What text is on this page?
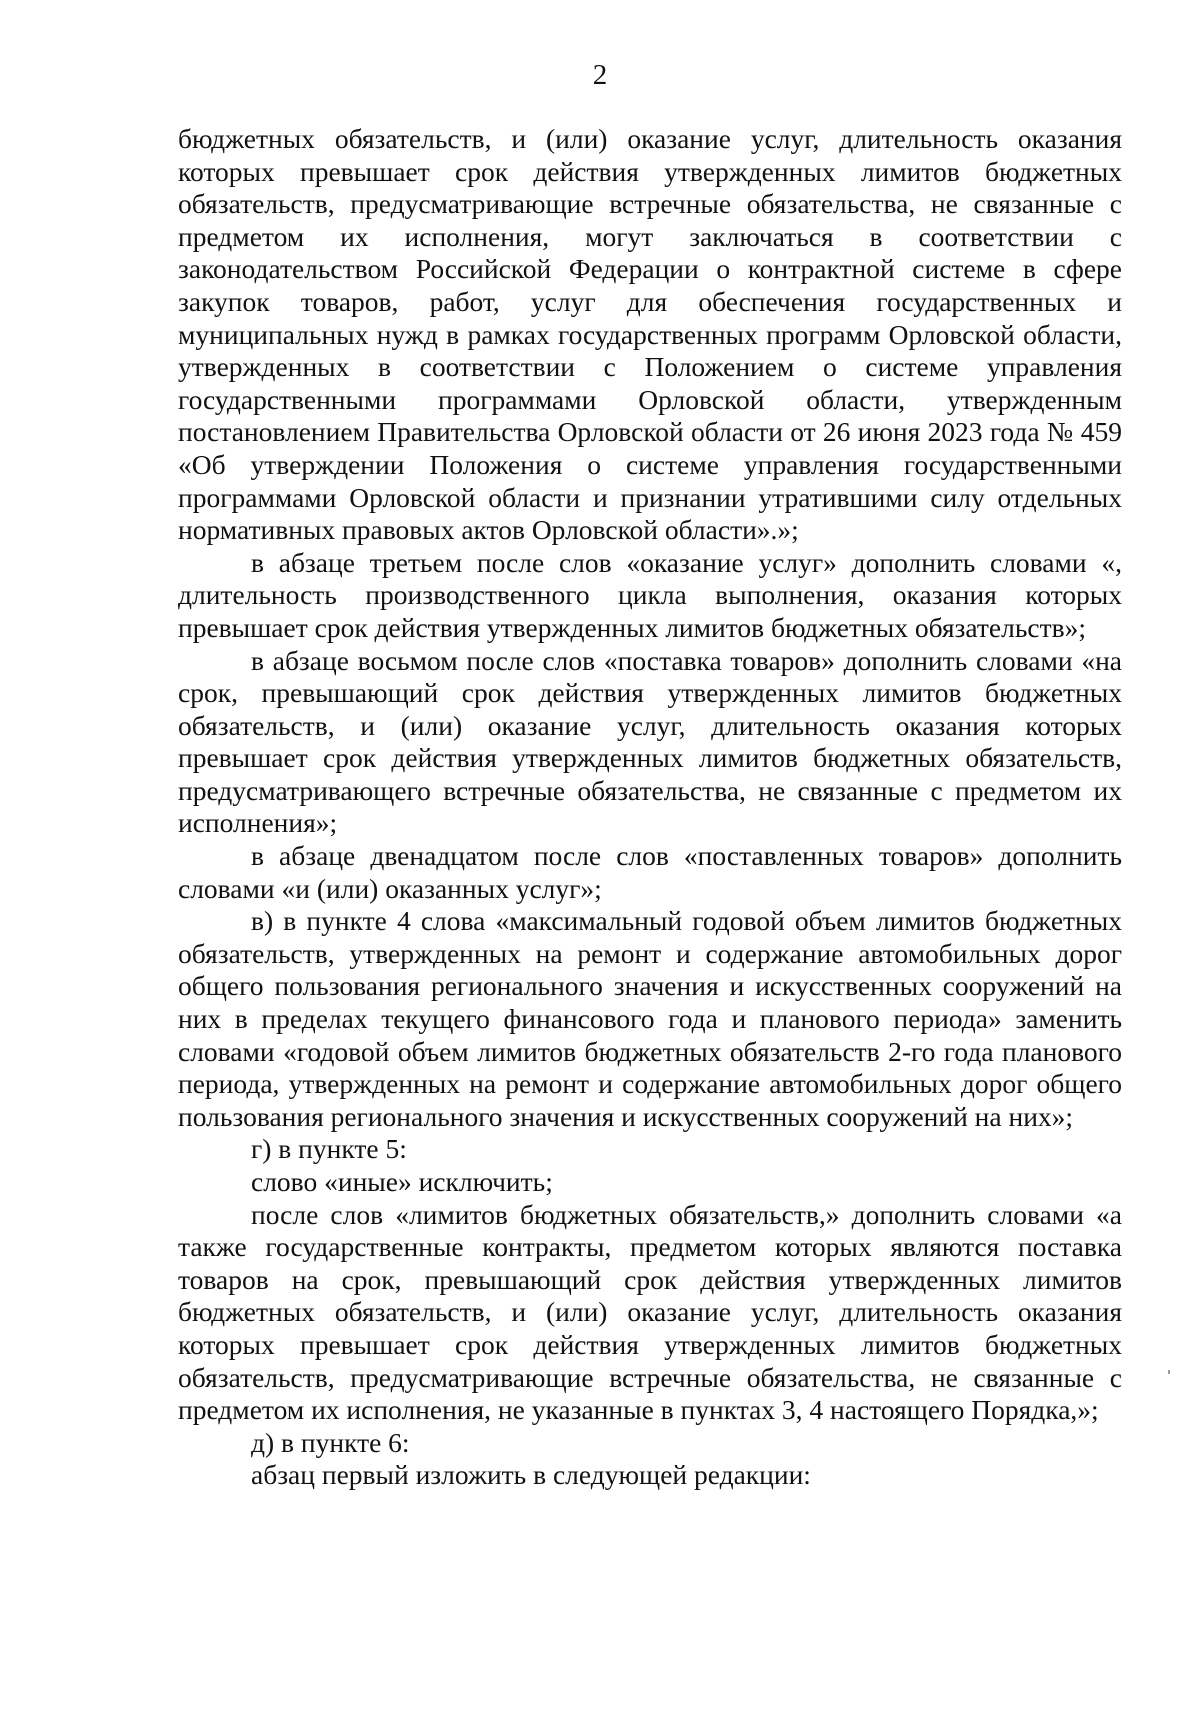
2

бюджетных обязательств, и (или) оказание услуг, длительность оказания которых превышает срок действия утвержденных лимитов бюджетных обязательств, предусматривающие встречные обязательства, не связанные с предметом их исполнения, могут заключаться в соответствии с законодательством Российской Федерации о контрактной системе в сфере закупок товаров, работ, услуг для обеспечения государственных и муниципальных нужд в рамках государственных программ Орловской области, утвержденных в соответствии с Положением о системе управления государственными программами Орловской области, утвержденным постановлением Правительства Орловской области от 26 июня 2023 года № 459 «Об утверждении Положения о системе управления государственными программами Орловской области и признании утратившими силу отдельных нормативных правовых актов Орловской области».»;

в абзаце третьем после слов «оказание услуг» дополнить словами «, длительность производственного цикла выполнения, оказания которых превышает срок действия утвержденных лимитов бюджетных обязательств»;

в абзаце восьмом после слов «поставка товаров» дополнить словами «на срок, превышающий срок действия утвержденных лимитов бюджетных обязательств, и (или) оказание услуг, длительность оказания которых превышает срок действия утвержденных лимитов бюджетных обязательств, предусматривающего встречные обязательства, не связанные с предметом их исполнения»;

в абзаце двенадцатом после слов «поставленных товаров» дополнить словами «и (или) оказанных услуг»;

в) в пункте 4 слова «максимальный годовой объем лимитов бюджетных обязательств, утвержденных на ремонт и содержание автомобильных дорог общего пользования регионального значения и искусственных сооружений на них в пределах текущего финансового года и планового периода» заменить словами «годовой объем лимитов бюджетных обязательств 2-го года планового периода, утвержденных на ремонт и содержание автомобильных дорог общего пользования регионального значения и искусственных сооружений на них»;

г) в пункте 5:

слово «иные» исключить;

после слов «лимитов бюджетных обязательств,» дополнить словами «а также государственные контракты, предметом которых являются поставка товаров на срок, превышающий срок действия утвержденных лимитов бюджетных обязательств, и (или) оказание услуг, длительность оказания которых превышает срок действия утвержденных лимитов бюджетных обязательств, предусматривающие встречные обязательства, не связанные с предметом их исполнения, не указанные в пунктах 3, 4 настоящего Порядка,»;

д) в пункте 6:

абзац первый изложить в следующей редакции:
